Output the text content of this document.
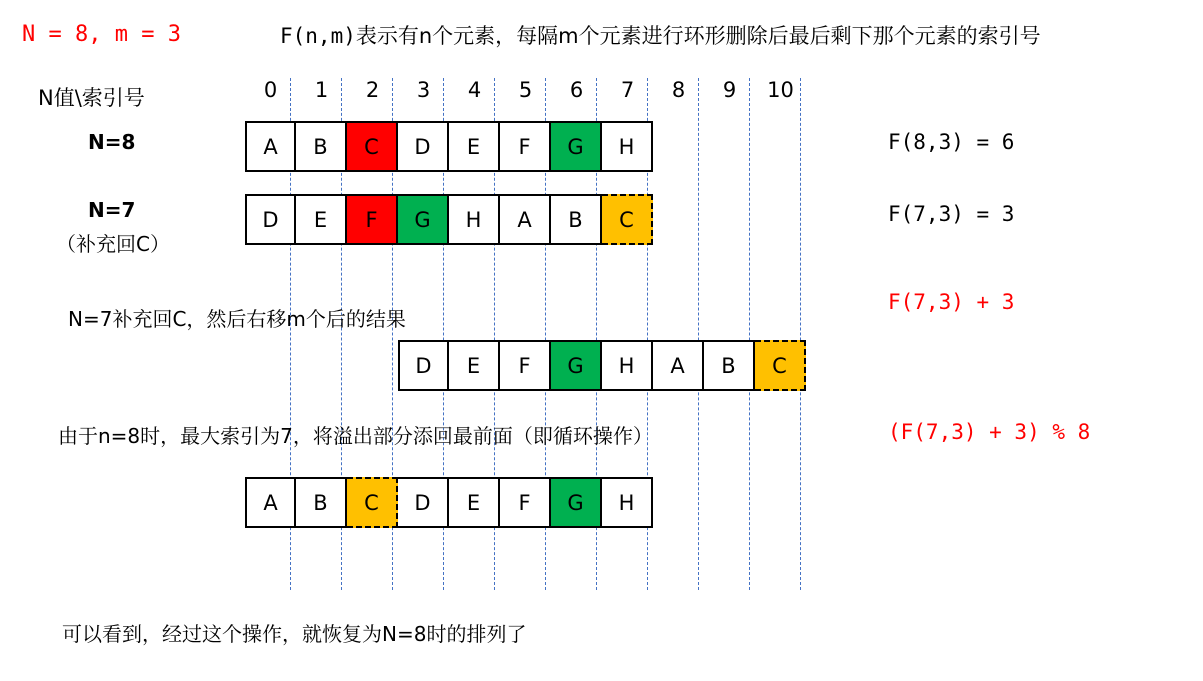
N = 8, m = 3	F(n,m)表示有n个元素，每隔m个元素进行环形删除后最后剩下那个元素的索引号
N值\索引号	0	1	2	3	4	5	6	7	8	9	10
N=8	A	B	C	D	E	F	G	H	F(8,3) = 6
N=7
（补充回C）
D	E	F	G	H	A	B	C	F(7,3) = 3
N=7补充回C，然后右移m个后的结果
D	E	F	G	H	A	B	C
F(7,3) + 3
由于n=8时，最大索引为7，将溢出部分添回最前面（即循环操作）
A	B	C	D	E	F	G	H
(F(7,3) + 3) % 8
可以看到，经过这个操作，就恢复为N=8时的排列了
